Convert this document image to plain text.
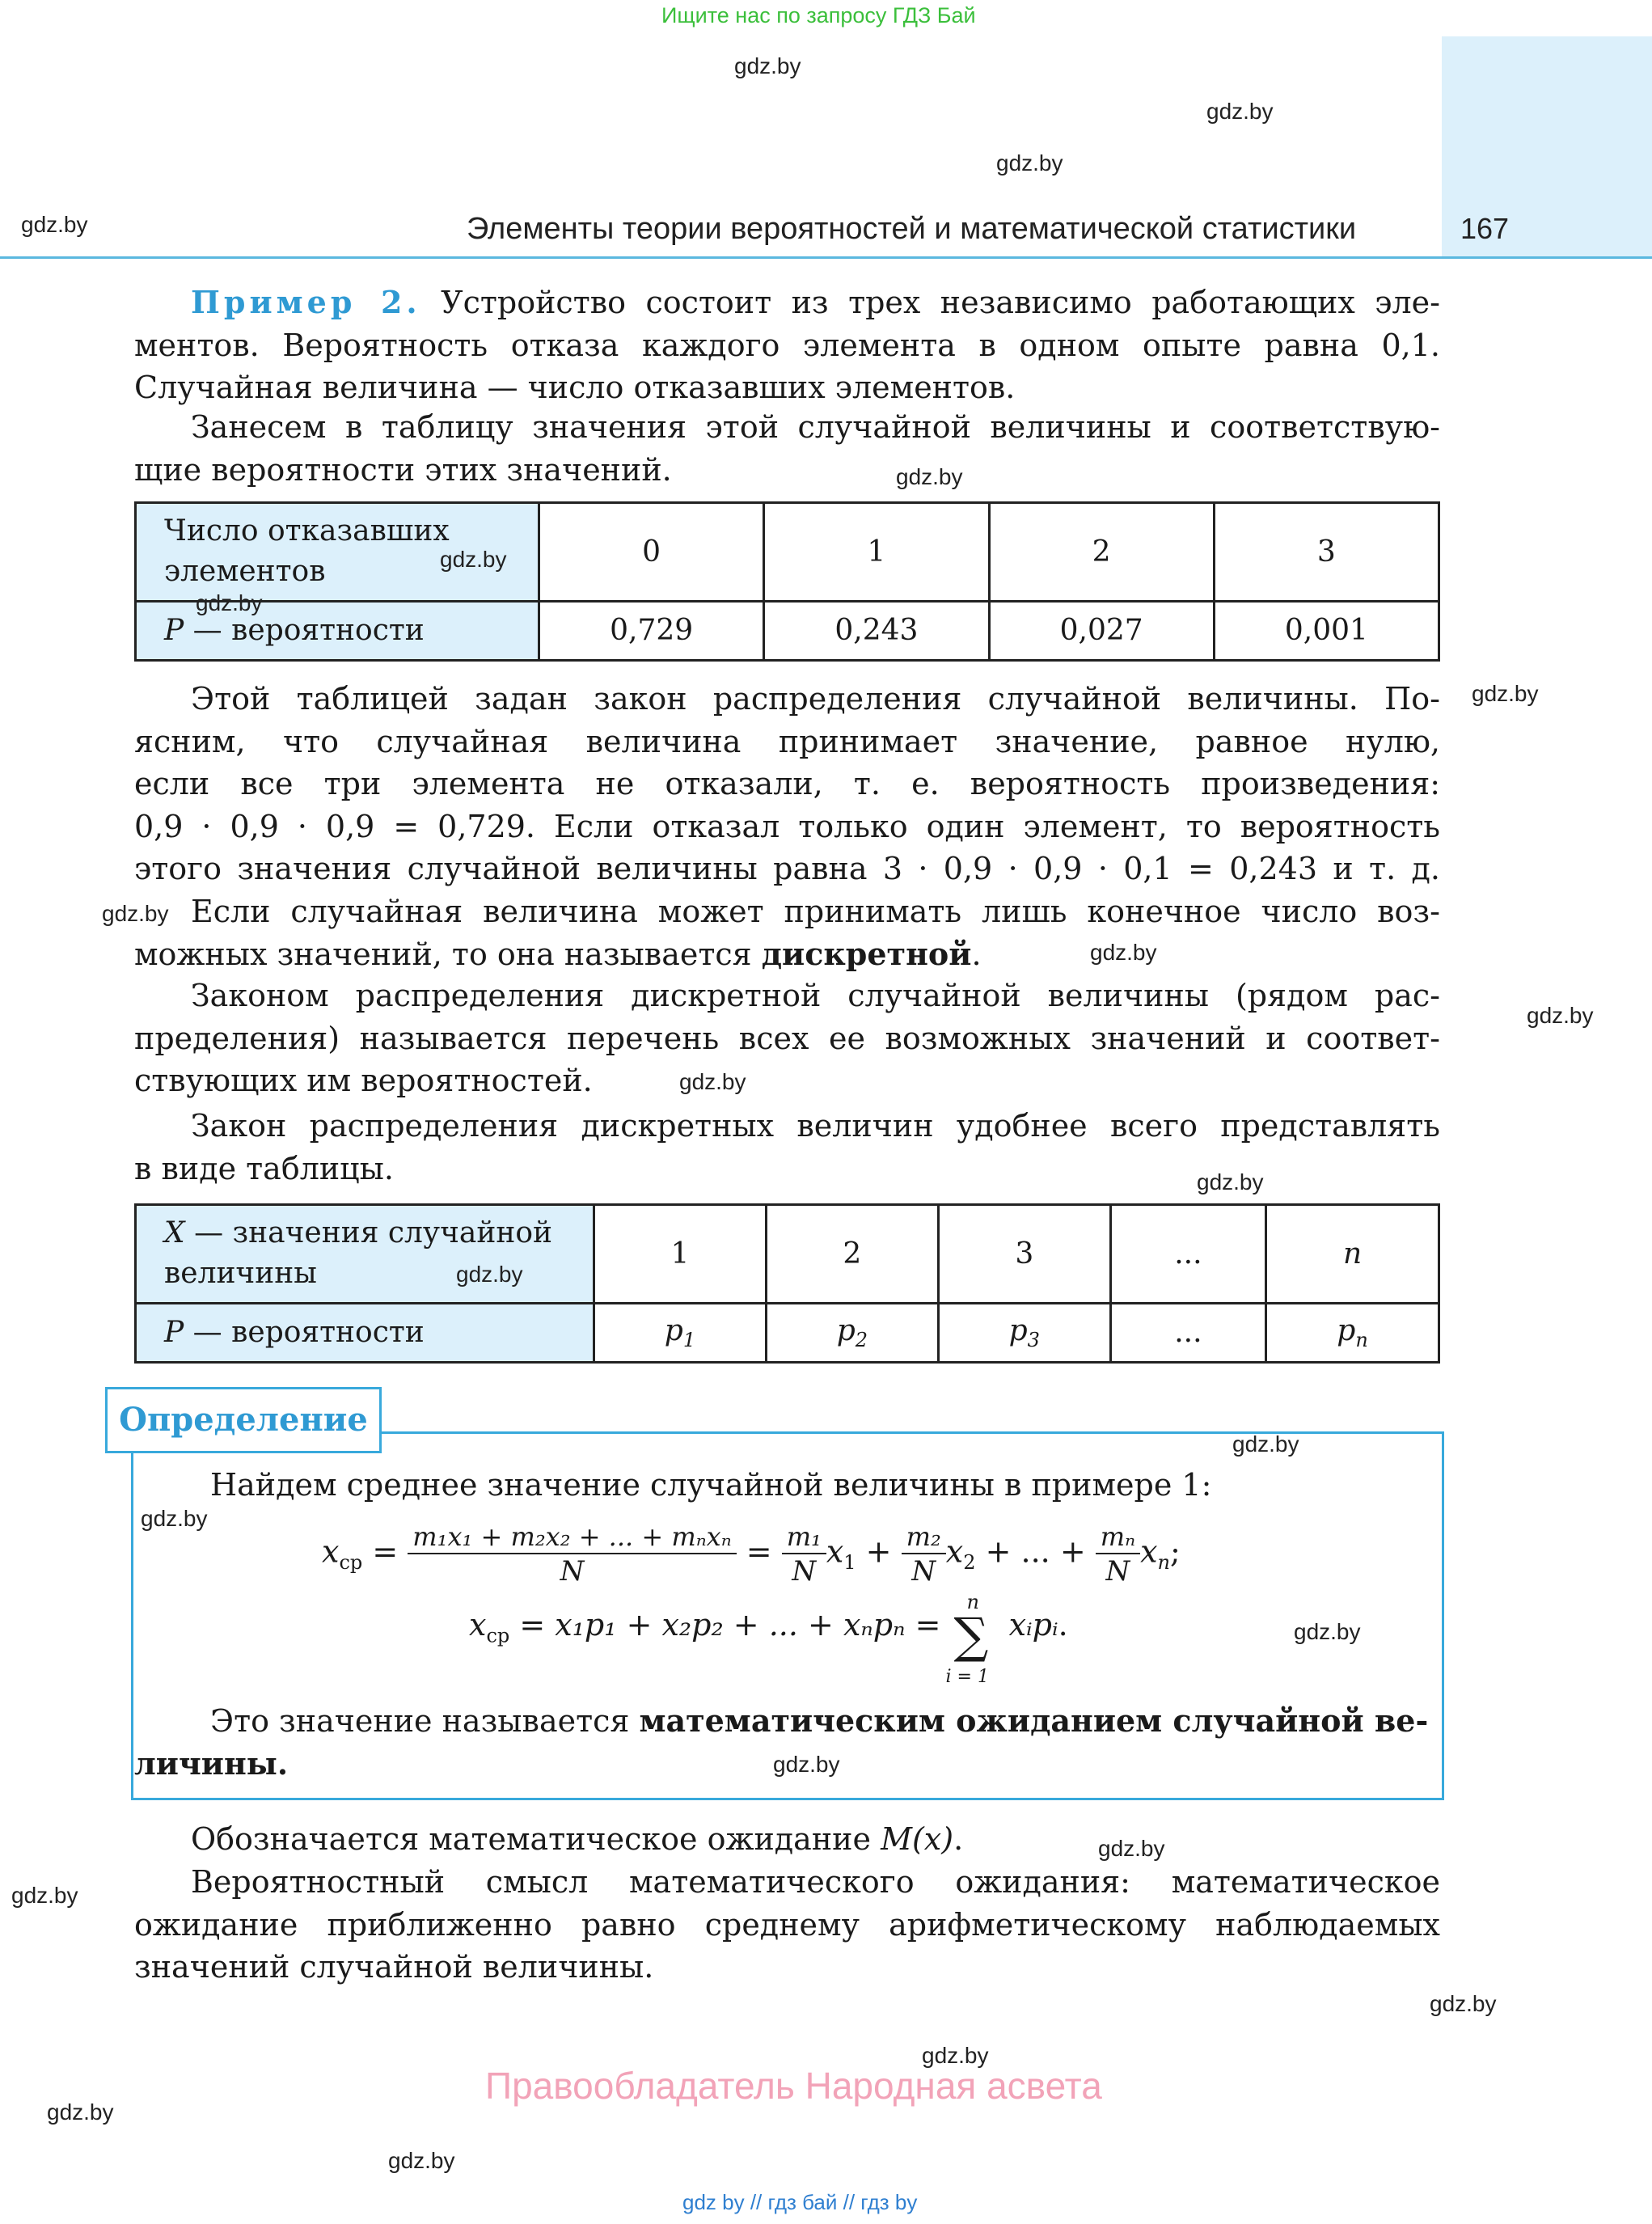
Ищите нас по запросу ГДЗ Бай
Элементы теории вероятностей и математической статистики	167
Пример 2. Устройство состоит из трех независимо работающих эле-
ментов. Вероятность отказа каждого элемента в одном опыте равна 0,1.
Случайная величина — число отказавших элементов.
Занесем в таблицу значения этой случайной величины и соответствую-
щие вероятности этих значений.
Число отказавших
элементов	0	1	2	3
P — вероятности	0,729	0,243	0,027	0,001
Этой таблицей задан закон распределения случайной величины. По-
ясним, что случайная величина принимает значение, равное нулю,
если все три элемента не отказали, т. е. вероятность произведения:
0,9 · 0,9 · 0,9 = 0,729. Если отказал только один элемент, то вероятность
этого значения случайной величины равна 3 · 0,9 · 0,9 · 0,1 = 0,243 и т. д.
Если случайная величина может принимать лишь конечное число воз-
можных значений, то она называется дискретной.
Законом распределения дискретной случайной величины (рядом рас-
пределения) называется перечень всех ее возможных значений и соответ-
ствующих им вероятностей.
Закон распределения дискретных величин удобнее всего представлять
в виде таблицы.
X — значения случайной
величины	1	2	3	...	n
P — вероятности	$p_1$	$p_2$	$p_3$	...	$p_n$
Определение
Найдем среднее значение случайной величины в примере 1:
$x_{ср} = \frac{\text{m₁x₁ + m₂x₂ + ... + mₙxₙ}}{N} = \frac{\text{m₁}}{N} x_1 + \frac{\text{m₂}}{N} x_2$ + ... + $\frac{\text{mₙ}}{N} x_n$;
$x_{ср} = x_1p_1 + x_2p_2$ + ... + xₙpₙ =
n
∑
i = 1
xᵢpᵢ.
Это значение называется математическим ожиданием случайной ве-
личины.
Обозначается математическое ожидание M(x).
Вероятностный смысл математического ожидания: математическое
ожидание приближенно равно среднему арифметическому наблюдаемых
значений случайной величины.
Правообладатель Народная асвета
gdz by // гдз бай // гдз by
gdz.by
gdz.by
gdz.by
gdz.by
gdz.by
gdz.by
gdz.by
gdz.by
gdz.by
gdz.by
gdz.by
gdz.by
gdz.by
gdz.by
gdz.by
gdz.by
gdz.by
gdz.by
gdz.by
gdz.by
gdz.by
gdz.by
gdz.by
gdz.by
